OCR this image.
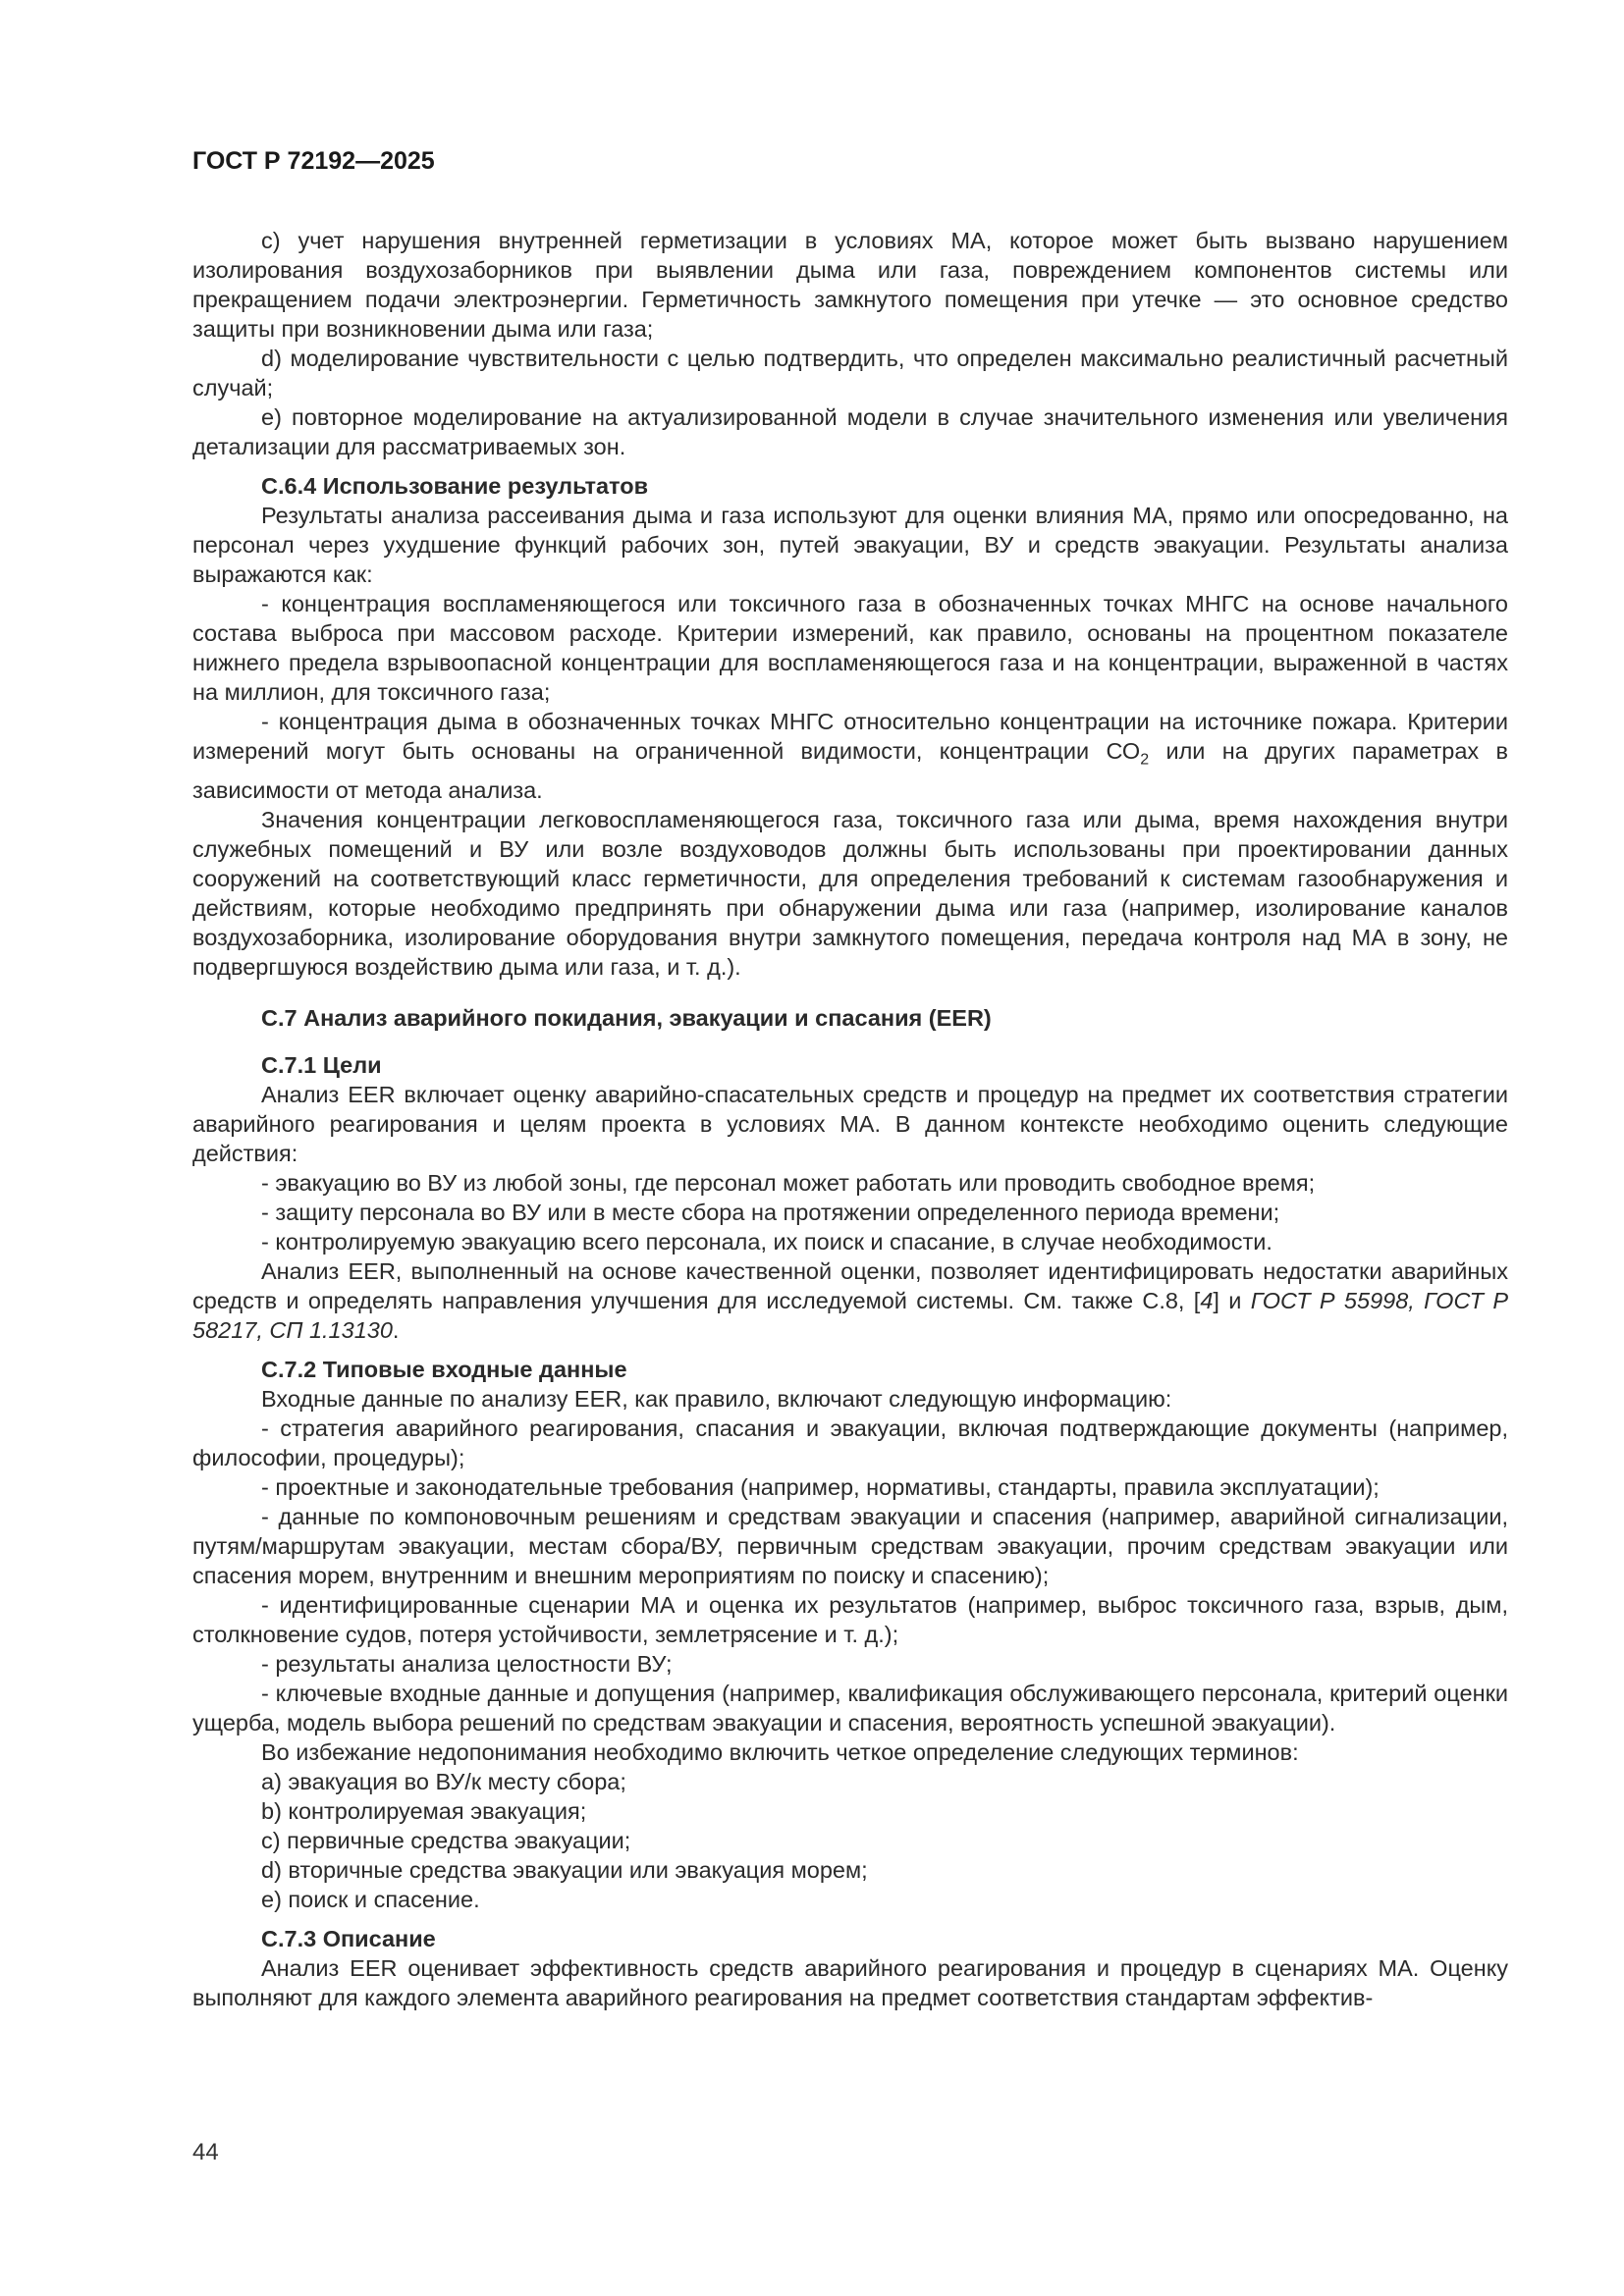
ГОСТ Р 72192—2025

c) учет нарушения внутренней герметизации в условиях МА, которое может быть вызвано нарушением изолирования воздухозаборников при выявлении дыма или газа, повреждением компонентов системы или прекращением подачи электроэнергии. Герметичность замкнутого помещения при утечке — это основное средство защиты при возникновении дыма или газа;

d) моделирование чувствительности с целью подтвердить, что определен максимально реалистичный расчетный случай;

e) повторное моделирование на актуализированной модели в случае значительного изменения или увеличения детализации для рассматриваемых зон.

С.6.4 Использование результатов

Результаты анализа рассеивания дыма и газа используют для оценки влияния МА, прямо или опосредованно, на персонал через ухудшение функций рабочих зон, путей эвакуации, ВУ и средств эвакуации. Результаты анализа выражаются как:

- концентрация воспламеняющегося или токсичного газа в обозначенных точках МНГС на основе начального состава выброса при массовом расходе. Критерии измерений, как правило, основаны на процентном показателе нижнего предела взрывоопасной концентрации для воспламеняющегося газа и на концентрации, выраженной в частях на миллион, для токсичного газа;

- концентрация дыма в обозначенных точках МНГС относительно концентрации на источнике пожара. Критерии измерений могут быть основаны на ограниченной видимости, концентрации $СО_2$ или на других параметрах в зависимости от метода анализа.

Значения концентрации легковоспламеняющегося газа, токсичного газа или дыма, время нахождения внутри служебных помещений и ВУ или возле воздуховодов должны быть использованы при проектировании данных сооружений на соответствующий класс герметичности, для определения требований к системам газообнаружения и действиям, которые необходимо предпринять при обнаружении дыма или газа (например, изолирование каналов воздухозаборника, изолирование оборудования внутри замкнутого помещения, передача контроля над МА в зону, не подвергшуюся воздействию дыма или газа, и т. д.).

С.7 Анализ аварийного покидания, эвакуации и спасания (EER)

С.7.1 Цели

Анализ EER включает оценку аварийно-спасательных средств и процедур на предмет их соответствия стратегии аварийного реагирования и целям проекта в условиях МА. В данном контексте необходимо оценить следующие действия:

- эвакуацию во ВУ из любой зоны, где персонал может работать или проводить свободное время;

- защиту персонала во ВУ или в месте сбора на протяжении определенного периода времени;

- контролируемую эвакуацию всего персонала, их поиск и спасание, в случае необходимости.

Анализ EER, выполненный на основе качественной оценки, позволяет идентифицировать недостатки аварийных средств и определять направления улучшения для исследуемой системы. См. также С.8, [4] и ГОСТ Р 55998, ГОСТ Р 58217, СП 1.13130.

С.7.2 Типовые входные данные

Входные данные по анализу EER, как правило, включают следующую информацию:

- стратегия аварийного реагирования, спасания и эвакуации, включая подтверждающие документы (например, философии, процедуры);

- проектные и законодательные требования (например, нормативы, стандарты, правила эксплуатации);

- данные по компоновочным решениям и средствам эвакуации и спасения (например, аварийной сигнализации, путям/маршрутам эвакуации, местам сбора/ВУ, первичным средствам эвакуации, прочим средствам эвакуации или спасения морем, внутренним и внешним мероприятиям по поиску и спасению);

- идентифицированные сценарии МА и оценка их результатов (например, выброс токсичного газа, взрыв, дым, столкновение судов, потеря устойчивости, землетрясение и т. д.);

- результаты анализа целостности ВУ;

- ключевые входные данные и допущения (например, квалификация обслуживающего персонала, критерий оценки ущерба, модель выбора решений по средствам эвакуации и спасения, вероятность успешной эвакуации).

Во избежание недопонимания необходимо включить четкое определение следующих терминов:

а) эвакуация во ВУ/к месту сбора;

b) контролируемая эвакуация;

с) первичные средства эвакуации;

d) вторичные средства эвакуации или эвакуация морем;

e) поиск и спасение.

С.7.3 Описание

Анализ EER оценивает эффективность средств аварийного реагирования и процедур в сценариях МА. Оценку выполняют для каждого элемента аварийного реагирования на предмет соответствия стандартам эффектив-

44
